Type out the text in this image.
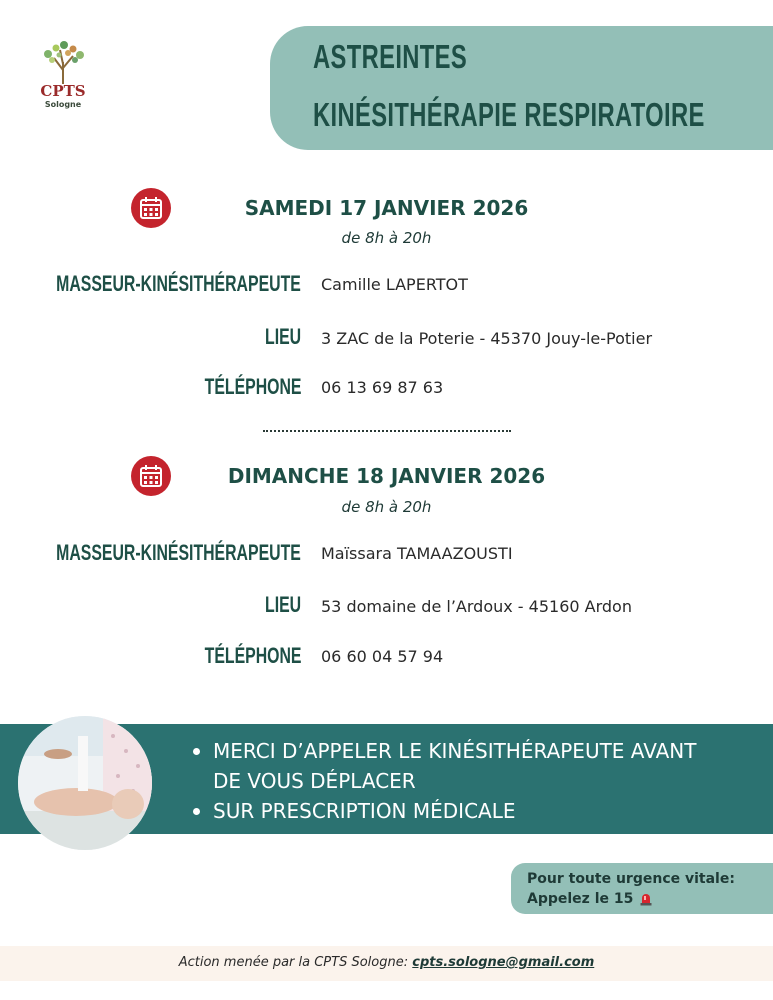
CPTS
Sologne
ASTREINTES
KINÉSITHÉRAPIE RESPIRATOIRE
SAMEDI 17 JANVIER 2026
de 8h à 20h
MASSEUR-KINÉSITHÉRAPEUTE Camille LAPERTOT
LIEU 3 ZAC de la Poterie - 45370 Jouy-le-Potier
TÉLÉPHONE 06 13 69 87 63
DIMANCHE 18 JANVIER 2026
de 8h à 20h
MASSEUR-KINÉSITHÉRAPEUTE Maïssara TAMAAZOUSTI
LIEU 53 domaine de l’Ardoux - 45160 Ardon
TÉLÉPHONE 06 60 04 57 94
MERCI D’APPELER LE KINÉSITHÉRAPEUTE AVANT
DE VOUS DÉPLACER
SUR PRESCRIPTION MÉDICALE
Pour toute urgence vitale:
Appelez le 15
Action menée par la CPTS Sologne: cpts.sologne@gmail.com
